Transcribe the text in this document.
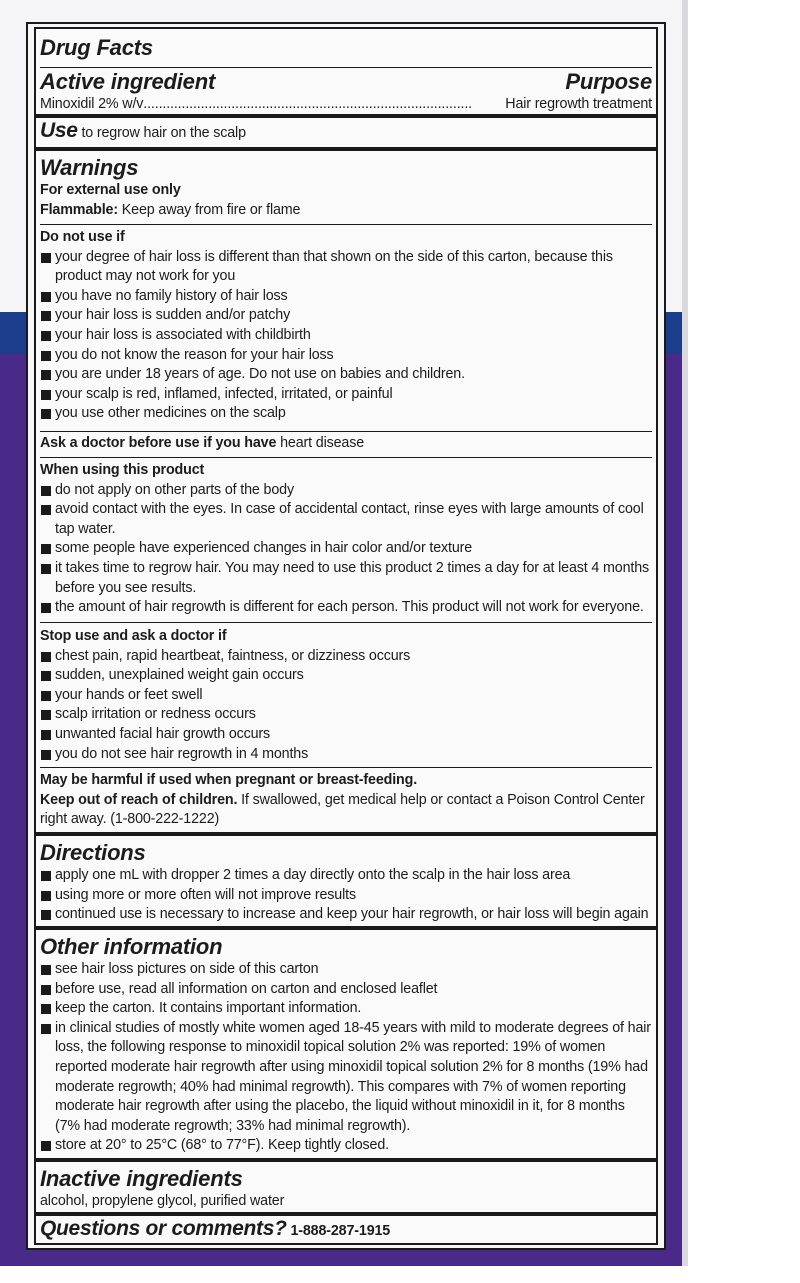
Drug Facts
Active ingredient	Purpose
Minoxidil 2% w/v ......................................................................................	Hair regrowth treatment
Use to regrow hair on the scalp
Warnings
For external use only
Flammable: Keep away from fire or flame
Do not use if
your degree of hair loss is different than that shown on the side of this carton, because this product may not work for you
you have no family history of hair loss
your hair loss is sudden and/or patchy
your hair loss is associated with childbirth
you do not know the reason for your hair loss
you are under 18 years of age. Do not use on babies and children.
your scalp is red, inflamed, infected, irritated, or painful
you use other medicines on the scalp
Ask a doctor before use if you have heart disease
When using this product
do not apply on other parts of the body
avoid contact with the eyes. In case of accidental contact, rinse eyes with large amounts of cool tap water.
some people have experienced changes in hair color and/or texture
it takes time to regrow hair. You may need to use this product 2 times a day for at least 4 months before you see results.
the amount of hair regrowth is different for each person. This product will not work for everyone.
Stop use and ask a doctor if
chest pain, rapid heartbeat, faintness, or dizziness occurs
sudden, unexplained weight gain occurs
your hands or feet swell
scalp irritation or redness occurs
unwanted facial hair growth occurs
you do not see hair regrowth in 4 months
May be harmful if used when pregnant or breast-feeding.
Keep out of reach of children. If swallowed, get medical help or contact a Poison Control Center right away. (1-800-222-1222)
Directions
apply one mL with dropper 2 times a day directly onto the scalp in the hair loss area
using more or more often will not improve results
continued use is necessary to increase and keep your hair regrowth, or hair loss will begin again
Other information
see hair loss pictures on side of this carton
before use, read all information on carton and enclosed leaflet
keep the carton. It contains important information.
in clinical studies of mostly white women aged 18-45 years with mild to moderate degrees of hair loss, the following response to minoxidil topical solution 2% was reported: 19% of women reported moderate hair regrowth after using minoxidil topical solution 2% for 8 months (19% had moderate regrowth; 40% had minimal regrowth). This compares with 7% of women reporting moderate hair regrowth after using the placebo, the liquid without minoxidil in it, for 8 months (7% had moderate regrowth; 33% had minimal regrowth).
store at 20° to 25°C (68° to 77°F). Keep tightly closed.
Inactive ingredients
alcohol, propylene glycol, purified water
Questions or comments? 1-888-287-1915
